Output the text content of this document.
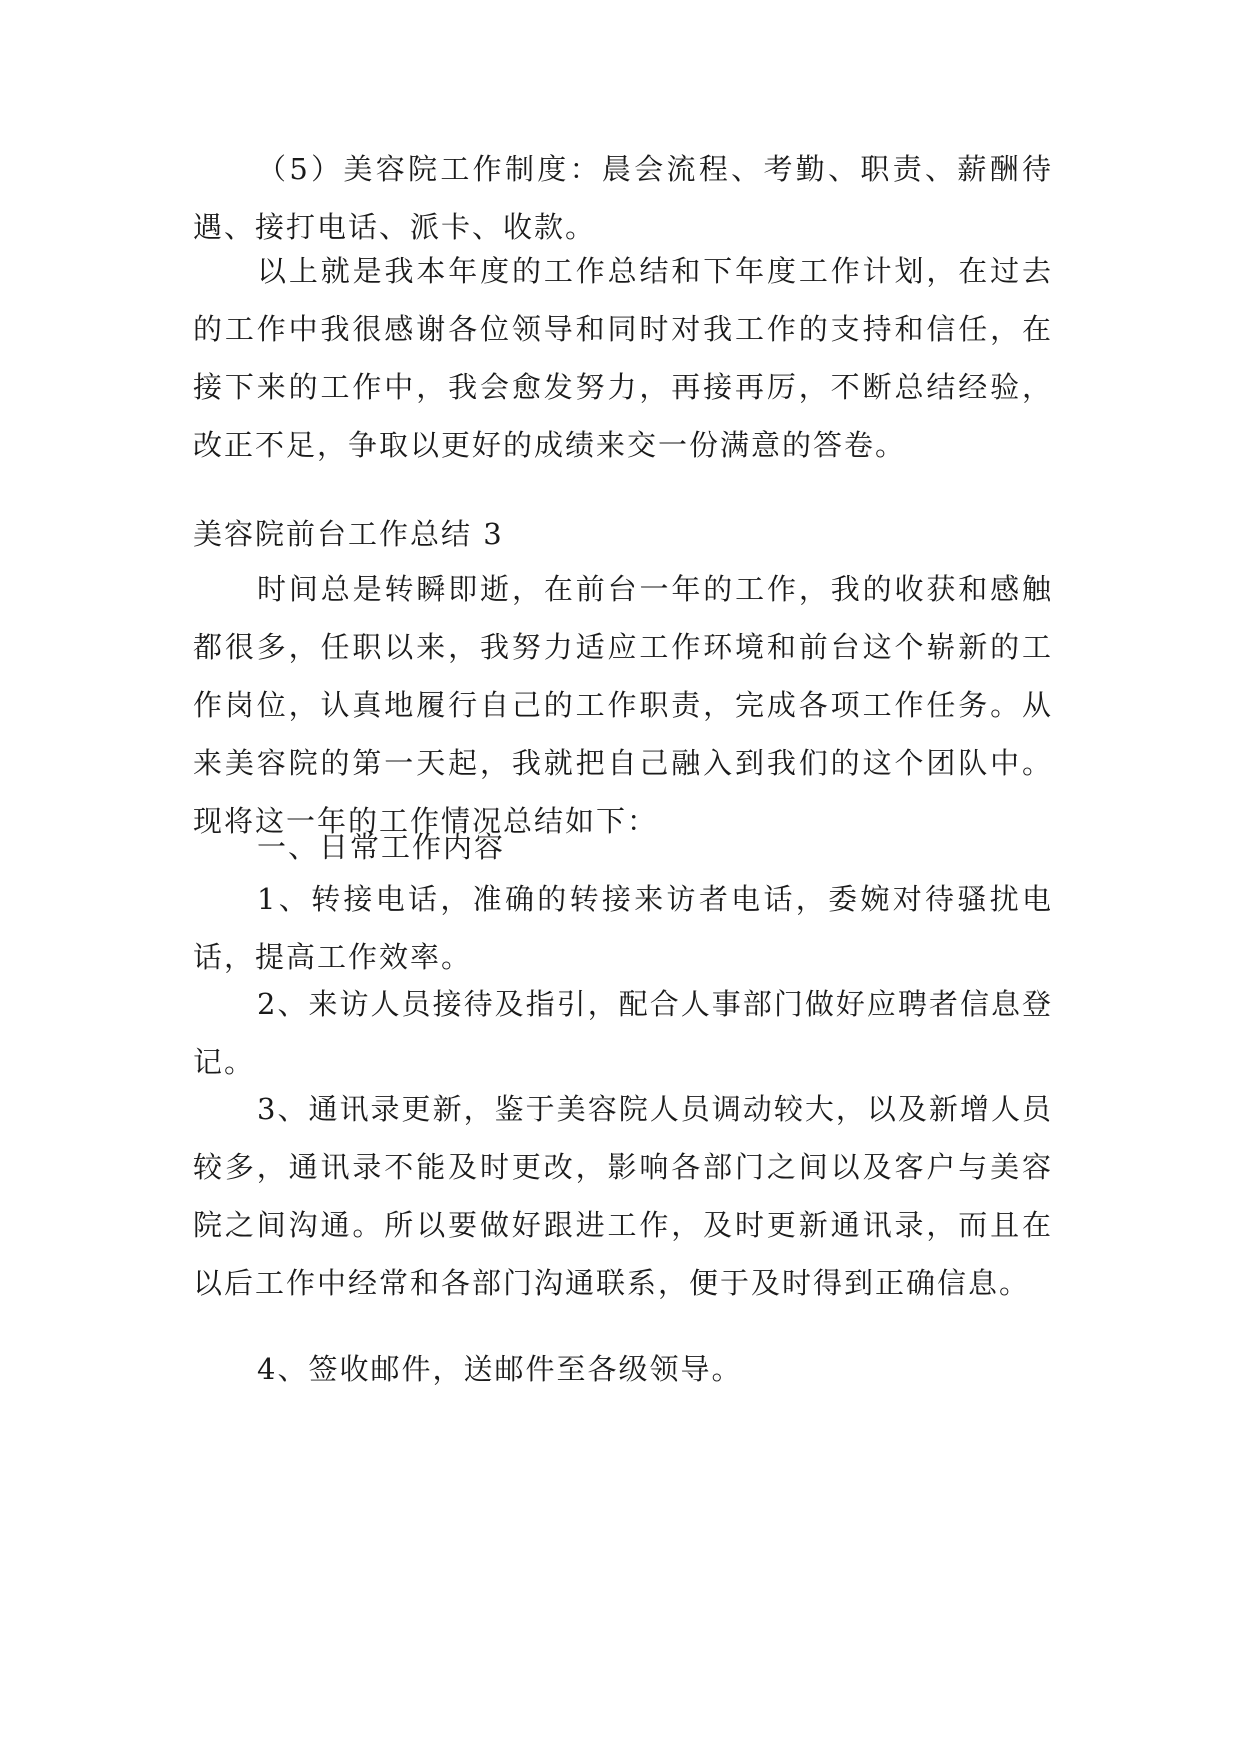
（5）美容院工作制度：晨会流程、考勤、职责、薪酬待遇、接打电话、派卡、收款。

以上就是我本年度的工作总结和下年度工作计划，在过去的工作中我很感谢各位领导和同时对我工作的支持和信任，在接下来的工作中，我会愈发努力，再接再厉，不断总结经验，改正不足，争取以更好的成绩来交一份满意的答卷。

美容院前台工作总结 3

时间总是转瞬即逝，在前台一年的工作，我的收获和感触都很多，任职以来，我努力适应工作环境和前台这个崭新的工作岗位，认真地履行自己的工作职责，完成各项工作任务。从来美容院的第一天起，我就把自己融入到我们的这个团队中。现将这一年的工作情况总结如下：

一、日常工作内容

1、转接电话，准确的转接来访者电话，委婉对待骚扰电话，提高工作效率。

2、来访人员接待及指引，配合人事部门做好应聘者信息登记。

3、通讯录更新，鉴于美容院人员调动较大，以及新增人员较多，通讯录不能及时更改，影响各部门之间以及客户与美容院之间沟通。所以要做好跟进工作，及时更新通讯录，而且在以后工作中经常和各部门沟通联系，便于及时得到正确信息。

4、签收邮件，送邮件至各级领导。
